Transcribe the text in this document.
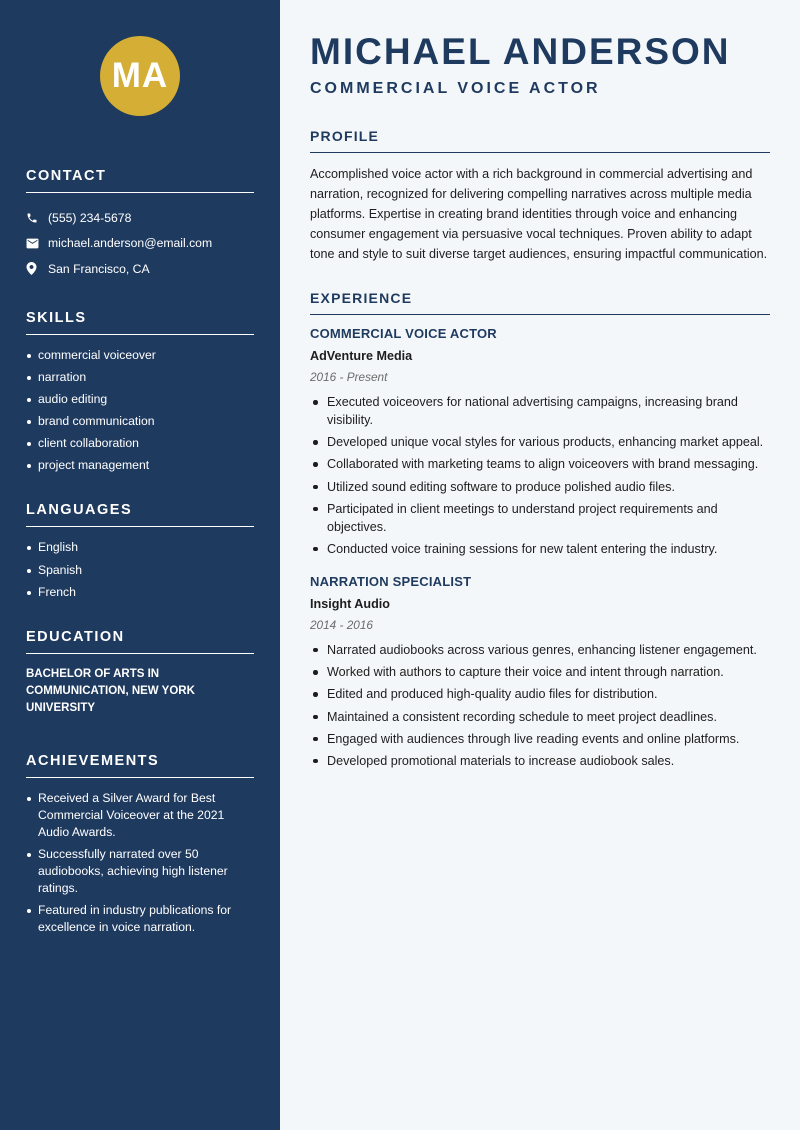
MA
CONTACT
(555) 234-5678
michael.anderson@email.com
San Francisco, CA
SKILLS
commercial voiceover
narration
audio editing
brand communication
client collaboration
project management
LANGUAGES
English
Spanish
French
EDUCATION

BACHELOR OF ARTS IN COMMUNICATION, NEW YORK UNIVERSITY

ACHIEVEMENTS
Received a Silver Award for Best Commercial Voiceover at the 2021 Audio Awards.
Successfully narrated over 50 audiobooks, achieving high listener ratings.
Featured in industry publications for excellence in voice narration.
MICHAEL ANDERSON
COMMERCIAL VOICE ACTOR
PROFILE

Accomplished voice actor with a rich background in commercial advertising and narration, recognized for delivering compelling narratives across multiple media platforms. Expertise in creating brand identities through voice and enhancing consumer engagement via persuasive vocal techniques. Proven ability to adapt tone and style to suit diverse target audiences, ensuring impactful communication.

EXPERIENCE
COMMERCIAL VOICE ACTOR
AdVenture Media
2016 - Present
Executed voiceovers for national advertising campaigns, increasing brand visibility.
Developed unique vocal styles for various products, enhancing market appeal.
Collaborated with marketing teams to align voiceovers with brand messaging.
Utilized sound editing software to produce polished audio files.
Participated in client meetings to understand project requirements and objectives.
Conducted voice training sessions for new talent entering the industry.
NARRATION SPECIALIST
Insight Audio
2014 - 2016
Narrated audiobooks across various genres, enhancing listener engagement.
Worked with authors to capture their voice and intent through narration.
Edited and produced high-quality audio files for distribution.
Maintained a consistent recording schedule to meet project deadlines.
Engaged with audiences through live reading events and online platforms.
Developed promotional materials to increase audiobook sales.
